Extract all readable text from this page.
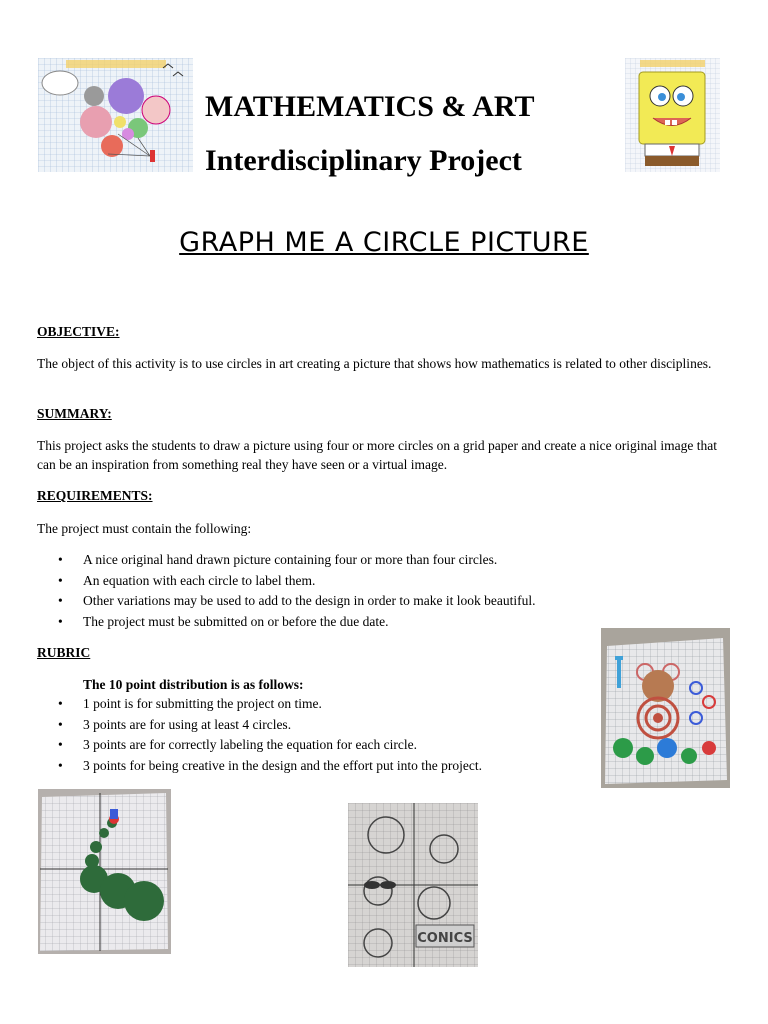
MATHEMATICS & ART
Interdisciplinary Project
GRAPH ME A CIRCLE PICTURE
OBJECTIVE:
The object of this activity is to use circles in art creating a picture that shows how mathematics is related to other disciplines.
SUMMARY:
This project asks the students to draw a picture using four or more circles on a grid paper and create a nice original image that can be an inspiration from something real they have seen or a virtual image.
REQUIREMENTS:
The project must contain the following:
• A nice original hand drawn picture containing four or more than four circles.
• An equation with each circle to label them.
• Other variations may be used to add to the design in order to make it look beautiful.
• The project must be submitted on or before the due date.
RUBRIC
The 10 point distribution is as follows:
• 1 point is for submitting the project on time.
• 3 points are for using at least 4 circles.
• 3 points are for correctly labeling the equation for each circle.
• 3 points for being creative in the design and the effort put into the project.
CONICS
